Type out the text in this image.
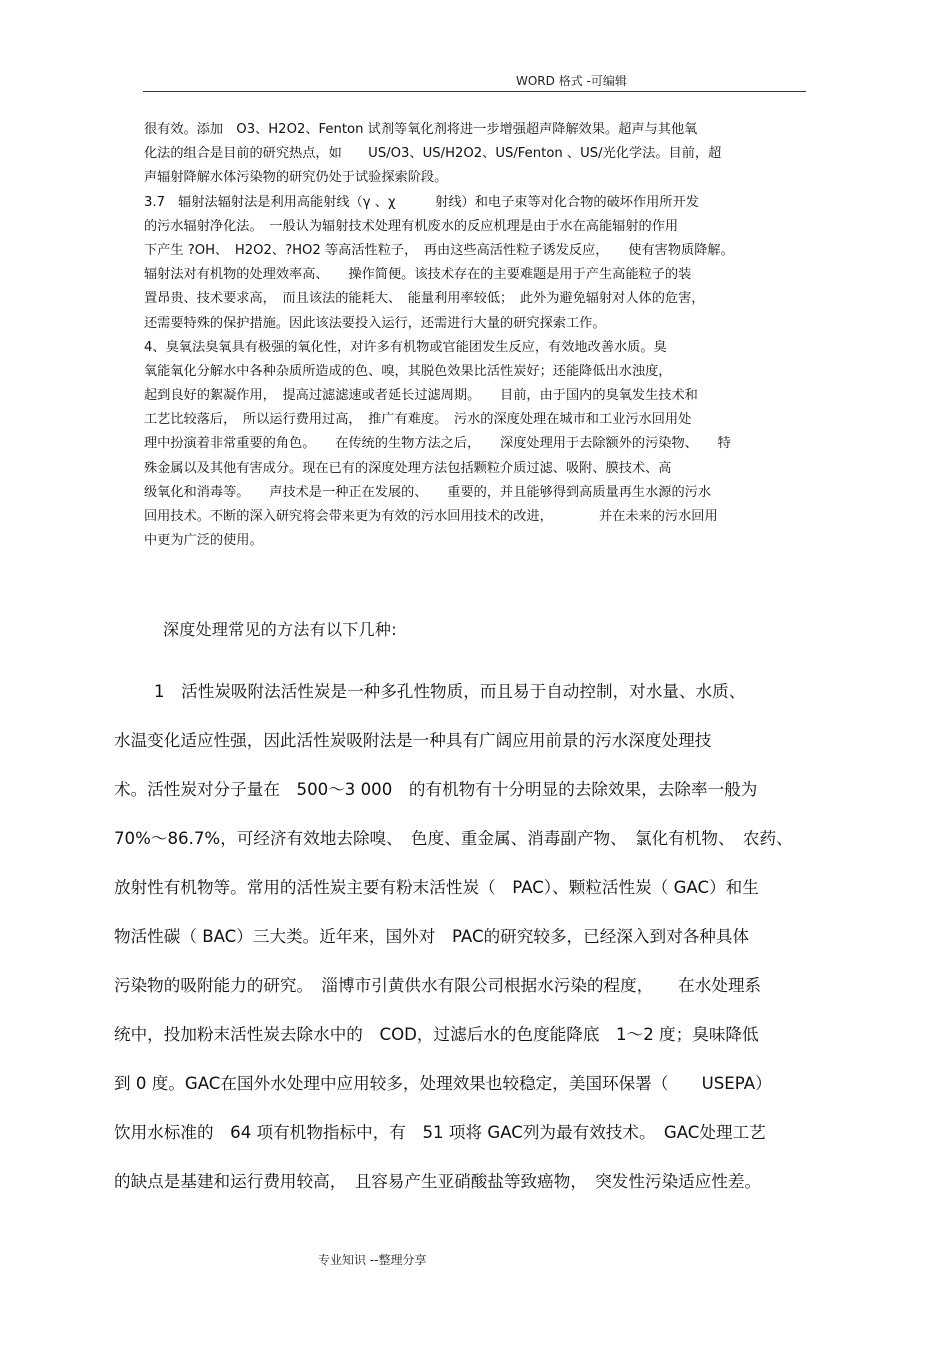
WORD 格式 -可编辑
很有效。添加　O3、H2O2、Fenton 试剂等氧化剂将进一步增强超声降解效果。超声与其他氧
化法的组合是目前的研究热点，如　　US/O3、US/H2O2、US/Fenton 、US/光化学法。目前，超
声辐射降解水体污染物的研究仍处于试验探索阶段。
3.7　辐射法辐射法是利用高能射线（γ 、χ　　　射线）和电子束等对化合物的破坏作用所开发
的污水辐射净化法。　一般认为辐射技术处理有机废水的反应机理是由于水在高能辐射的作用
下产生 ?OH、　H2O2、?HO2 等高活性粒子，　再由这些高活性粒子诱发反应，　　使有害物质降解。
辐射法对有机物的处理效率高、　　操作简便。该技术存在的主要难题是用于产生高能粒子的装
置昂贵、技术要求高，　而且该法的能耗大、　能量利用率较低；　此外为避免辐射对人体的危害，
还需要特殊的保护措施。因此该法要投入运行，还需进行大量的研究探索工作。
4、臭氧法臭氧具有极强的氧化性，对许多有机物或官能团发生反应，有效地改善水质。臭
氧能氧化分解水中各种杂质所造成的色、嗅，其脱色效果比活性炭好；还能降低出水浊度，
起到良好的絮凝作用，　提高过滤滤速或者延长过滤周期。　　目前，由于国内的臭氧发生技术和
工艺比较落后，　所以运行费用过高，　推广有难度。　污水的深度处理在城市和工业污水回用处
理中扮演着非常重要的角色。　　在传统的生物方法之后，　　深度处理用于去除额外的污染物、　　特
殊金属以及其他有害成分。现在已有的深度处理方法包括颗粒介质过滤、吸附、膜技术、高
级氧化和消毒等。　　声技术是一种正在发展的、　　重要的，并且能够得到高质量再生水源的污水
回用技术。不断的深入研究将会带来更为有效的污水回用技术的改进，　　　　并在未来的污水回用
中更为广泛的使用。
深度处理常见的方法有以下几种:
1　活性炭吸附法活性炭是一种多孔性物质，而且易于自动控制，对水量、水质、
水温变化适应性强，因此活性炭吸附法是一种具有广阔应用前景的污水深度处理技
术。活性炭对分子量在　500～3 000　的有机物有十分明显的去除效果，去除率一般为
70%～86.7%，可经济有效地去除嗅、　色度、重金属、消毒副产物、　氯化有机物、　农药、
放射性有机物等。常用的活性炭主要有粉末活性炭（　PAC）、颗粒活性炭（ GAC）和生
物活性碳（ BAC）三大类。近年来，国外对　PAC的研究较多，已经深入到对各种具体
污染物的吸附能力的研究。　淄博市引黄供水有限公司根据水污染的程度，　　在水处理系
统中，投加粉末活性炭去除水中的　COD，过滤后水的色度能降底　1～2 度；臭味降低
到 0 度。GAC在国外水处理中应用较多，处理效果也较稳定，美国环保署（　　USEPA）
饮用水标准的　64 项有机物指标中，有　51 项将 GAC列为最有效技术。　GAC处理工艺
的缺点是基建和运行费用较高，　且容易产生亚硝酸盐等致癌物，　突发性污染适应性差。
专业知识 --整理分享
